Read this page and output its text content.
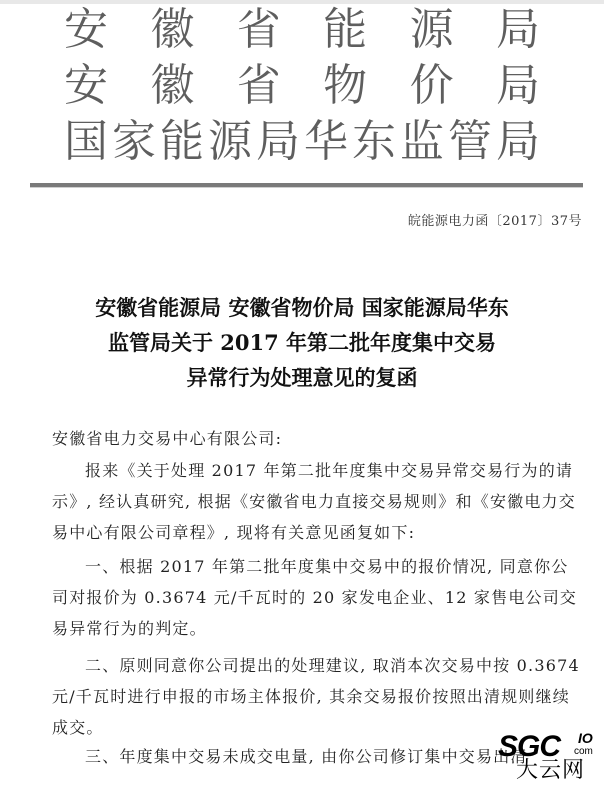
安 徽 省 能 源 局
安 徽 省 物 价 局
国 家 能 源 局 华 东 监 管 局
皖能源电力函〔2017〕37号
安徽省能源局 安徽省物价局 国家能源局华东
监管局关于 2017 年第二批年度集中交易
异常行为处理意见的复函

安徽省电力交易中心有限公司:

报来《关于处理 2017 年第二批年度集中交易异常交易行为的请示》, 经认真研究, 根据《安徽省电力直接交易规则》和《安徽电力交易中心有限公司章程》, 现将有关意见函复如下:

一、根据 2017 年第二批年度集中交易中的报价情况, 同意你公司对报价为 0.3674 元/千瓦时的 20 家发电企业、12 家售电公司交易异常行为的判定。

二、原则同意你公司提出的处理建议, 取消本次交易中按 0.3674 元/千瓦时进行申报的市场主体报价, 其余交易报价按照出清规则继续成交。

三、年度集中交易未成交电量, 由你公司修订集中交易出清

SGC IO
com
大云网
